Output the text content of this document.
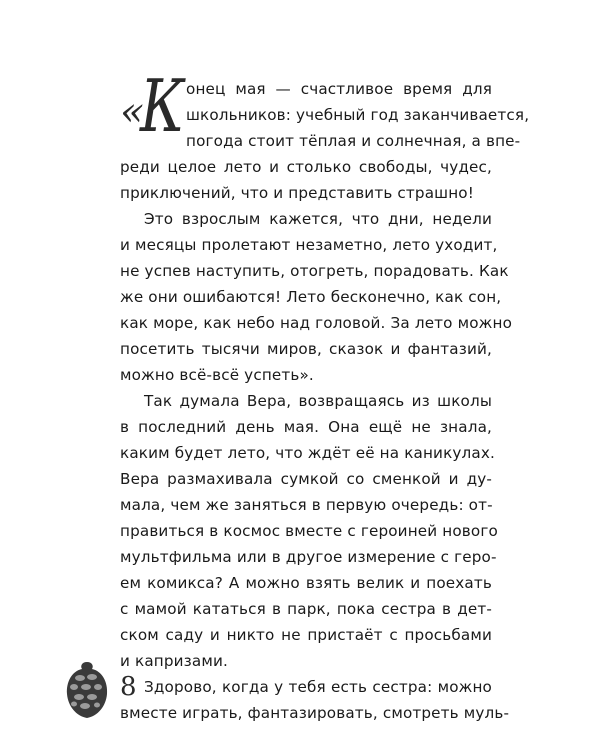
«
К онец мая — счастливое время для
школьников: учебный год заканчивается,
погода стоит тёплая и солнечная, а впе-
реди целое лето и столько свободы, чудес,
приключений, что и представить страшно!
Это взрослым кажется, что дни, недели
и месяцы пролетают незаметно, лето уходит,
не успев наступить, отогреть, порадовать. Как
же они ошибаются! Лето бесконечно, как сон,
как море, как небо над головой. За лето можно
посетить тысячи миров, сказок и фантазий,
можно всё-всё успеть».
Так думала Вера, возвращаясь из школы
в последний день мая. Она ещё не знала,
каким будет лето, что ждёт её на каникулах.
Вера размахивала сумкой со сменкой и ду-
мала, чем же заняться в первую очередь: от-
правиться в космос вместе с героиней нового
мультфильма или в другое измерение с геро-
ем комикса? А можно взять велик и поехать
с мамой кататься в парк, пока сестра в дет-
ском саду и никто не пристаёт с просьбами
и капризами.
Здорово, когда у тебя есть сестра: можно
вместе играть, фантазировать, смотреть муль-
8
